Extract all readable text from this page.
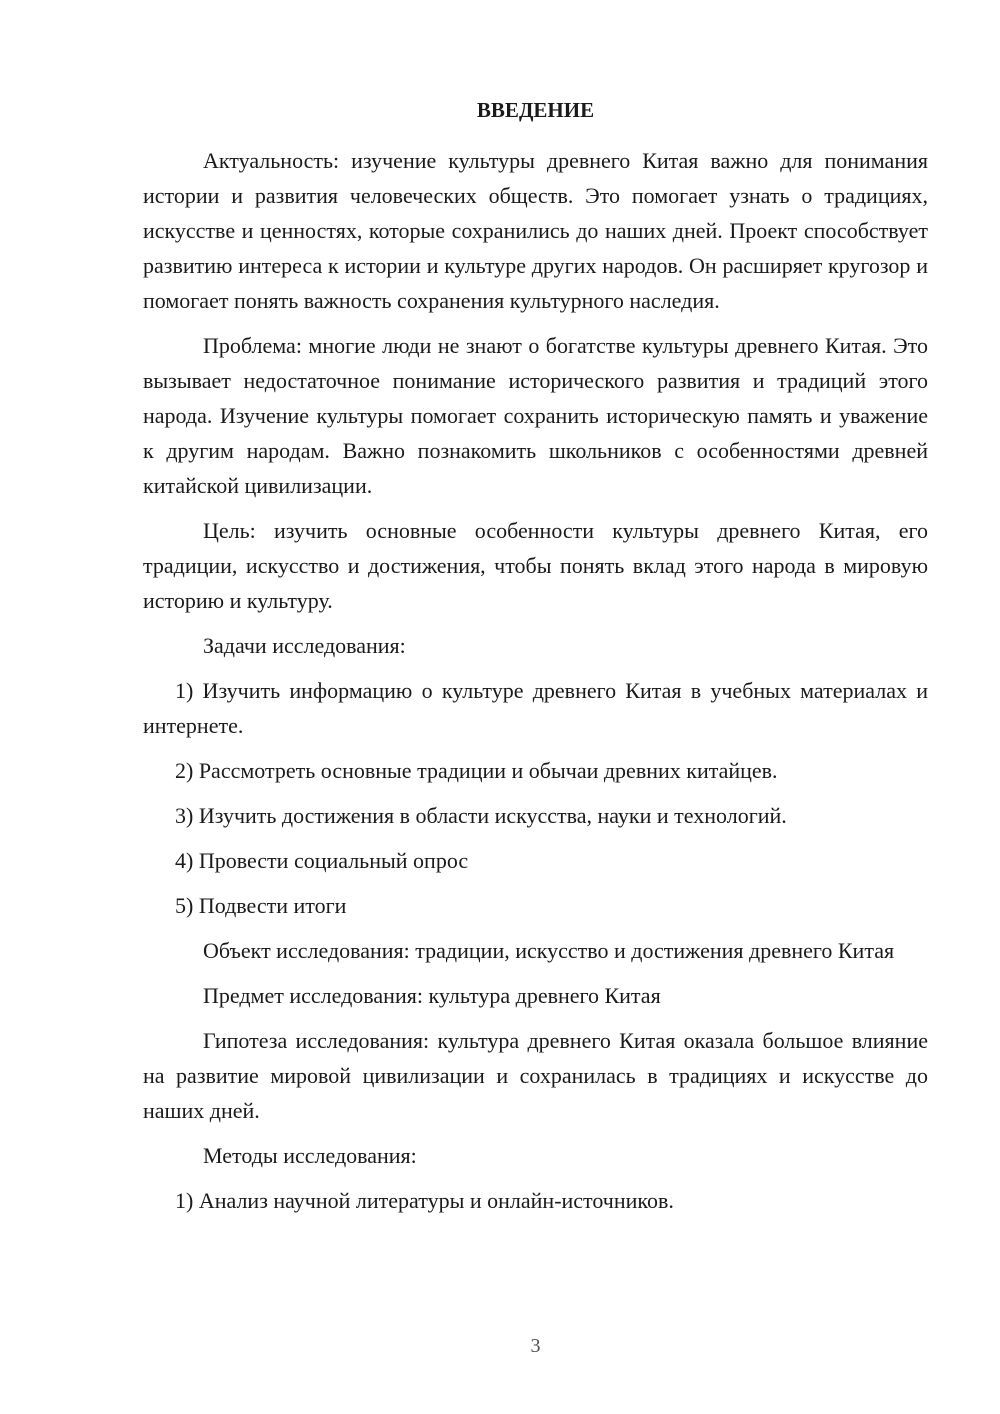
ВВЕДЕНИЕ

Актуальность: изучение культуры древнего Китая важно для понимания истории и развития человеческих обществ. Это помогает узнать о традициях, искусстве и ценностях, которые сохранились до наших дней. Проект способствует развитию интереса к истории и культуре других народов. Он расширяет кругозор и помогает понять важность сохранения культурного наследия.

Проблема: многие люди не знают о богатстве культуры древнего Китая. Это вызывает недостаточное понимание исторического развития и традиций этого народа. Изучение культуры помогает сохранить историческую память и уважение к другим народам. Важно познакомить школьников с особенностями древней китайской цивилизации.

Цель: изучить основные особенности культуры древнего Китая, его традиции, искусство и достижения, чтобы понять вклад этого народа в мировую историю и культуру.

Задачи исследования:

1) Изучить информацию о культуре древнего Китая в учебных материалах и интернете.

2) Рассмотреть основные традиции и обычаи древних китайцев.

3) Изучить достижения в области искусства, науки и технологий.

4) Провести социальный опрос

5) Подвести итоги

Объект исследования: традиции, искусство и достижения древнего Китая

Предмет исследования: культура древнего Китая

Гипотеза исследования: культура древнего Китая оказала большое влияние на развитие мировой цивилизации и сохранилась в традициях и искусстве до наших дней.

Методы исследования:

1) Анализ научной литературы и онлайн-источников.

3
